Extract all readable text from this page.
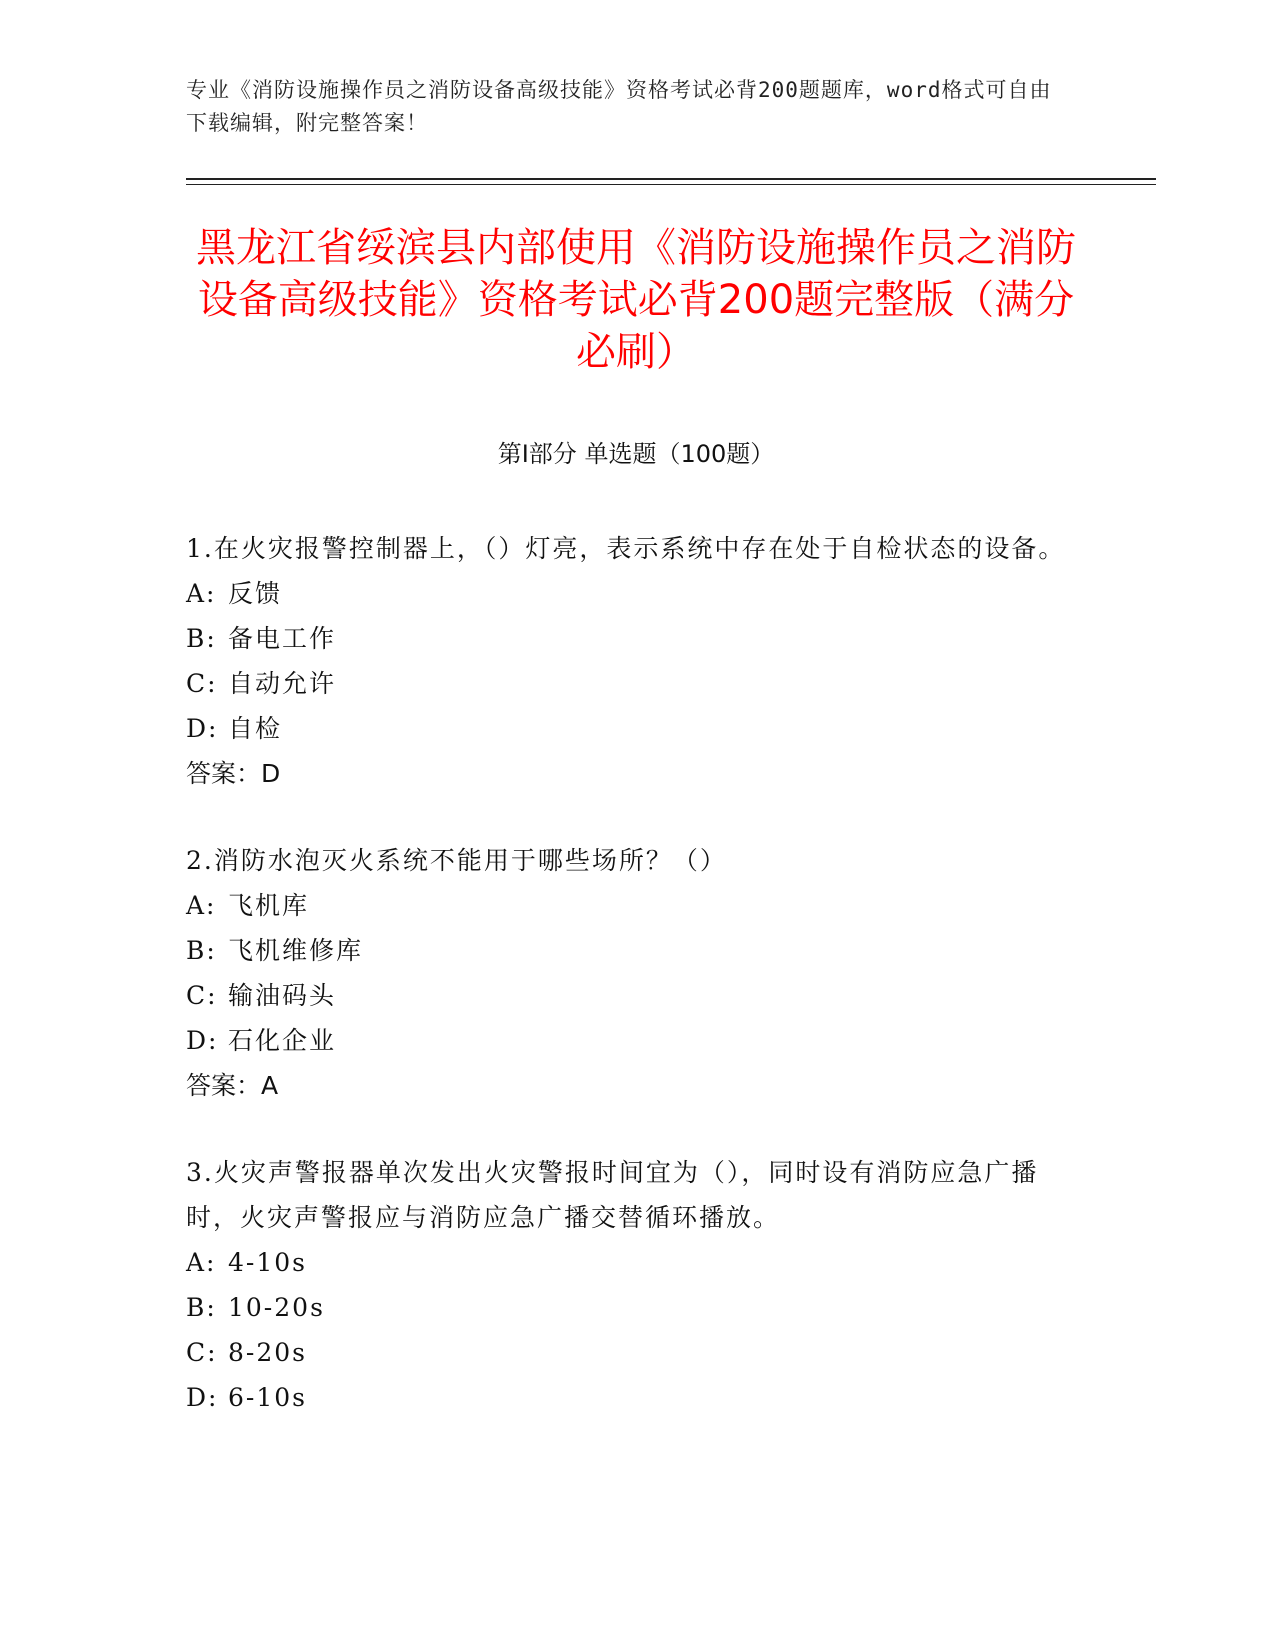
专业《消防设施操作员之消防设备高级技能》资格考试必背200题题库，word格式可自由下载编辑，附完整答案！
黑龙江省绥滨县内部使用《消防设施操作员之消防设备高级技能》资格考试必背200题完整版（满分必刷）
第Ⅰ部分 单选题（100题）

1.在火灾报警控制器上，（）灯亮，表示系统中存在处于自检状态的设备。

A: 反馈
B: 备电工作
C: 自动允许
D: 自检
答案：D

2.消防水泡灭火系统不能用于哪些场所？（）

A: 飞机库
B: 飞机维修库
C: 输油码头
D: 石化企业
答案：A

3.火灾声警报器单次发出火灾警报时间宜为（），同时设有消防应急广播时，火灾声警报应与消防应急广播交替循环播放。

A: 4-10s
B: 10-20s
C: 8-20s
D: 6-10s
